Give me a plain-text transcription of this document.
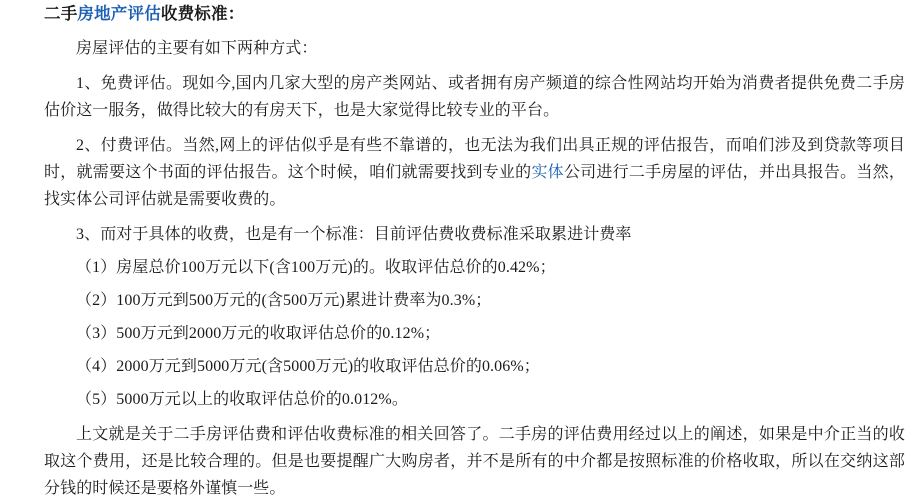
二手房地产评估收费标准：

房屋评估的主要有如下两种方式：

1、免费评估。现如今,国内几家大型的房产类网站、或者拥有房产频道的综合性网站均开始为消费者提供免费二手房估价这一服务，做得比较大的有房天下，也是大家觉得比较专业的平台。

2、付费评估。当然,网上的评估似乎是有些不靠谱的，也无法为我们出具正规的评估报告，而咱们涉及到贷款等项目时，就需要这个书面的评估报告。这个时候，咱们就需要找到专业的实体公司进行二手房屋的评估，并出具报告。当然，找实体公司评估就是需要收费的。

3、而对于具体的收费，也是有一个标准：目前评估费收费标准采取累进计费率

（1）房屋总价100万元以下(含100万元)的。收取评估总价的0.42%；

（2）100万元到500万元的(含500万元)累进计费率为0.3%；

（3）500万元到2000万元的收取评估总价的0.12%；

（4）2000万元到5000万元(含5000万元)的收取评估总价的0.06%；

（5）5000万元以上的收取评估总价的0.012%。

上文就是关于二手房评估费和评估收费标准的相关回答了。二手房的评估费用经过以上的阐述，如果是中介正当的收取这个费用，还是比较合理的。但是也要提醒广大购房者，并不是所有的中介都是按照标准的价格收取，所以在交纳这部分钱的时候还是要格外谨慎一些。
